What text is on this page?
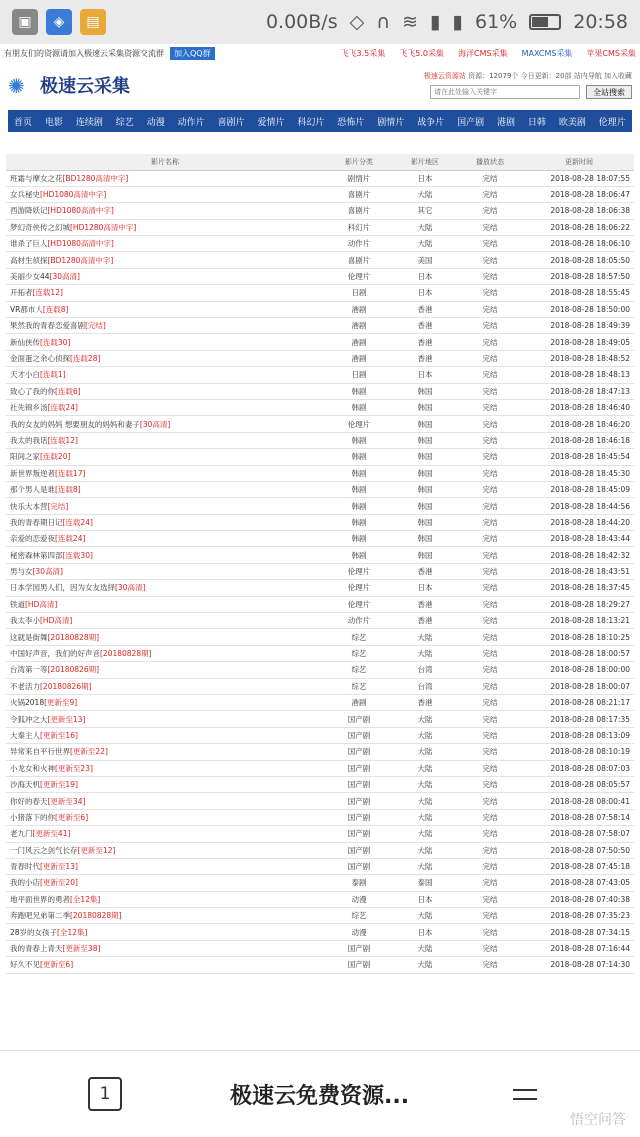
▣	◈	▤	0.00B/s ◇ ∩ ≋ ▮ ▮ 61%	20:58
有朋友们的资源请加入极速云采集资源交流群	加入QQ群	飞飞3.5采集 飞飞5.0采集 海洋CMS采集 MAXCMS采集 苹果CMS采集
✺ 极速云采集	极速云资源站 资源：12079个 今日更新：20部 站内导航 加入收藏
请在此处输入关键字
全站搜索
首页 电影 连续剧 综艺 动漫 动作片 喜剧片 爱情片 科幻片 恐怖片 剧情片 战争片 国产剧 港剧 日韩 欧美剧 伦理片
影片名称	影片分类	影片地区	播放状态	更新时间
班霜与摩女之花[BD1280高清中字]	剧情片	日本	完结	2018-08-28 18:07:55
女兵秘史[HD1080高清中字]	喜剧片	大陆	完结	2018-08-28 18:06:47
西游降妖记[HD1080高清中字]	喜剧片	其它	完结	2018-08-28 18:06:38
梦幻奇侠传之幻城[HD1280高清中字]	科幻片	大陆	完结	2018-08-28 18:06:22
谁杀了巨人[HD1080高清中字]	动作片	大陆	完结	2018-08-28 18:06:10
高材生侦探[BD1280高清中字]	喜剧片	美国	完结	2018-08-28 18:05:50
美丽少女44[30高清]	伦理片	日本	完结	2018-08-28 18:57:50
开拓者[连载12]	日剧	日本	完结	2018-08-28 18:55:45
VR都市人[连载8]	港剧	香港	完结	2018-08-28 18:50:00
果然我的青春恋爱喜剧[完结]	港剧	香港	完结	2018-08-28 18:49:39
新仙侠传[连载30]	港剧	香港	完结	2018-08-28 18:49:05
金面蛋之余心侦探[连载28]	港剧	香港	完结	2018-08-28 18:48:52
天才小白[连载1]	日剧	日本	完结	2018-08-28 18:48:13
致心了我的你[连载6]	韩剧	韩国	完结	2018-08-28 18:47:13
社先锦乡汤[连载24]	韩剧	韩国	完结	2018-08-28 18:46:40
我的女友的妈妈 想要朋友的妈妈和妻子[30高清]	伦理片	韩国	完结	2018-08-28 18:46:20
我太的我话[连载12]	韩剧	韩国	完结	2018-08-28 18:46:18
阳间之家[连载20]	韩剧	韩国	完结	2018-08-28 18:45:54
新世界叛逆者[连载17]	韩剧	韩国	完结	2018-08-28 18:45:30
那个男人是谁[连载8]	韩剧	韩国	完结	2018-08-28 18:45:09
快乐大本营[完结]	韩剧	韩国	完结	2018-08-28 18:44:56
我的青春期日记[连载24]	韩剧	韩国	完结	2018-08-28 18:44:20
亲爱的恋爱夜[连载24]	韩剧	韩国	完结	2018-08-28 18:43:44
秘密森林第四部[连载30]	韩剧	韩国	完结	2018-08-28 18:42:32
男与女[30高清]	伦理片	香港	完结	2018-08-28 18:43:51
日本学园男人们，因为女友选择[30高清]	伦理片	日本	完结	2018-08-28 18:37:45
铁道[HD高清]	伦理片	香港	完结	2018-08-28 18:29:27
我太李小[HD高清]	动作片	香港	完结	2018-08-28 18:13:21
这就是街舞[20180828期]	综艺	大陆	完结	2018-08-28 18:10:25
中国好声音，我们的好声音[20180828期]	综艺	大陆	完结	2018-08-28 18:00:57
台湾第一等[20180826期]	综艺	台湾	完结	2018-08-28 18:00:00
不老活力[20180826期]	综艺	台湾	完结	2018-08-28 18:00:07
火锅2018[更新至9]	港剧	香港	完结	2018-08-28 08:21:17
令狐冲之大[更新至13]	国产剧	大陆	完结	2018-08-28 08:17:35
大秦主人[更新至16]	国产剧	大陆	完结	2018-08-28 08:13:09
异常来自平行世界[更新至22]	国产剧	大陆	完结	2018-08-28 08:10:19
小龙女和火神[更新至23]	国产剧	大陆	完结	2018-08-28 08:07:03
沙海天机[更新至19]	国产剧	大陆	完结	2018-08-28 08:05:57
你好的春天[更新至34]	国产剧	大陆	完结	2018-08-28 08:00:41
小猪落下的你[更新至6]	国产剧	大陆	完结	2018-08-28 07:58:14
老九门[更新至41]	国产剧	大陆	完结	2018-08-28 07:58:07
一门风云之剑气长存[更新至12]	国产剧	大陆	完结	2018-08-28 07:50:50
青春时代[更新至13]	国产剧	大陆	完结	2018-08-28 07:45:18
我的小店[更新至20]	泰剧	泰国	完结	2018-08-28 07:43:05
地平面世界的勇者[全12集]	动漫	日本	完结	2018-08-28 07:40:38
奔跑吧兄弟第二季[20180828期]	综艺	大陆	完结	2018-08-28 07:35:23
28岁的女孩子[全12集]	动漫	日本	完结	2018-08-28 07:34:15
我的青春上青天[更新至38]	国产剧	大陆	完结	2018-08-28 07:16:44
好久不见[更新至6]	国产剧	大陆	完结	2018-08-28 07:14:30
1	极速云免费资源...
悟空问答
